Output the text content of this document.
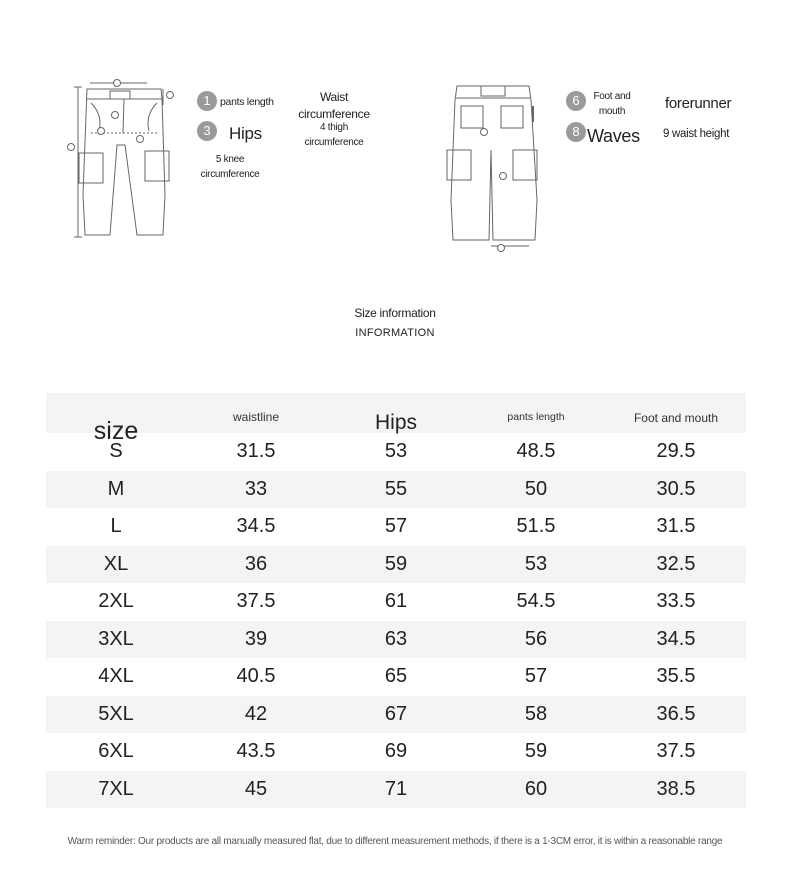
1 pants length	Waist circumference
3	Hips	4 thigh circumference
5 knee circumference
6	Foot and mouth	forerunner
8 Waves 9 waist height
Size information
INFORMATION
size	waistline	Hips	pants length	Foot and mouth
S	31.5	53	48.5	29.5
M	33	55	50	30.5
L	34.5	57	51.5	31.5
XL	36	59	53	32.5
2XL	37.5	61	54.5	33.5
3XL	39	63	56	34.5
4XL	40.5	65	57	35.5
5XL	42	67	58	36.5
6XL	43.5	69	59	37.5
7XL	45	71	60	38.5
Warm reminder: Our products are all manually measured flat, due to different measurement methods, if there is a 1-3CM error, it is within a reasonable range
